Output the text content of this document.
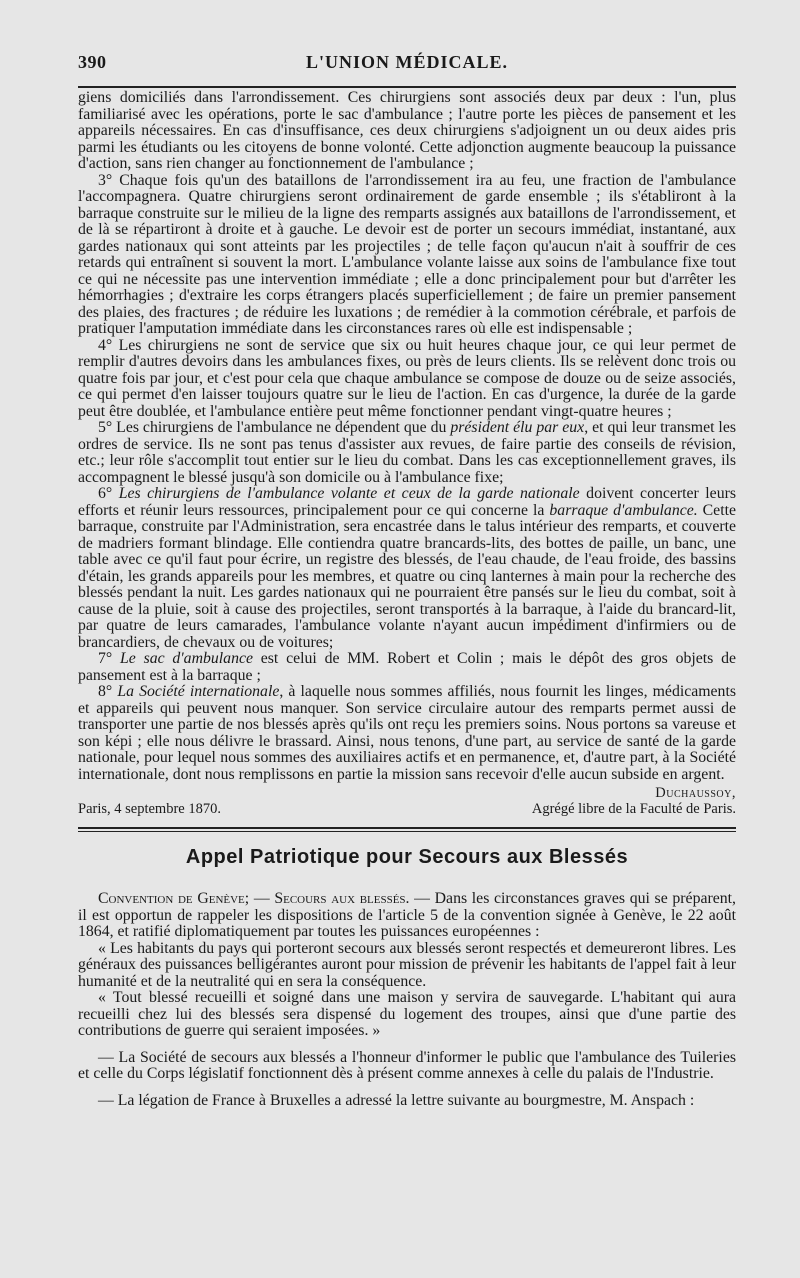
390	L'UNION MÉDICALE.

giens domiciliés dans l'arrondissement. Ces chirurgiens sont associés deux par deux : l'un, plus familiarisé avec les opérations, porte le sac d'ambulance ; l'autre porte les pièces de pansement et les appareils nécessaires. En cas d'insuffisance, ces deux chirurgiens s'adjoignent un ou deux aides pris parmi les étudiants ou les citoyens de bonne volonté. Cette adjonction augmente beaucoup la puissance d'action, sans rien changer au fonctionnement de l'ambulance ;

3° Chaque fois qu'un des bataillons de l'arrondissement ira au feu, une fraction de l'ambulance l'accompagnera. Quatre chirurgiens seront ordinairement de garde ensemble ; ils s'établiront à la barraque construite sur le milieu de la ligne des remparts assignés aux bataillons de l'arrondissement, et de là se répartiront à droite et à gauche. Le devoir est de porter un secours immédiat, instantané, aux gardes nationaux qui sont atteints par les projectiles ; de telle façon qu'aucun n'ait à souffrir de ces retards qui entraînent si souvent la mort. L'ambulance volante laisse aux soins de l'ambulance fixe tout ce qui ne nécessite pas une intervention immédiate ; elle a donc principalement pour but d'arrêter les hémorrhagies ; d'extraire les corps étrangers placés superficiellement ; de faire un premier pansement des plaies, des fractures ; de réduire les luxations ; de remédier à la commotion cérébrale, et parfois de pratiquer l'amputation immédiate dans les circonstances rares où elle est indispensable ;

4° Les chirurgiens ne sont de service que six ou huit heures chaque jour, ce qui leur permet de remplir d'autres devoirs dans les ambulances fixes, ou près de leurs clients. Ils se relèvent donc trois ou quatre fois par jour, et c'est pour cela que chaque ambulance se compose de douze ou de seize associés, ce qui permet d'en laisser toujours quatre sur le lieu de l'action. En cas d'urgence, la durée de la garde peut être doublée, et l'ambulance entière peut même fonctionner pendant vingt-quatre heures ;

5° Les chirurgiens de l'ambulance ne dépendent que du président élu par eux, et qui leur transmet les ordres de service. Ils ne sont pas tenus d'assister aux revues, de faire partie des conseils de révision, etc.; leur rôle s'accomplit tout entier sur le lieu du combat. Dans les cas exceptionnellement graves, ils accompagnent le blessé jusqu'à son domicile ou à l'ambulance fixe;

6° Les chirurgiens de l'ambulance volante et ceux de la garde nationale doivent concerter leurs efforts et réunir leurs ressources, principalement pour ce qui concerne la barraque d'ambulance. Cette barraque, construite par l'Administration, sera encastrée dans le talus intérieur des remparts, et couverte de madriers formant blindage. Elle contiendra quatre brancards-lits, des bottes de paille, un banc, une table avec ce qu'il faut pour écrire, un registre des blessés, de l'eau chaude, de l'eau froide, des bassins d'étain, les grands appareils pour les membres, et quatre ou cinq lanternes à main pour la recherche des blessés pendant la nuit. Les gardes nationaux qui ne pourraient être pansés sur le lieu du combat, soit à cause de la pluie, soit à cause des projectiles, seront transportés à la barraque, à l'aide du brancard-lit, par quatre de leurs camarades, l'ambulance volante n'ayant aucun impédiment d'infirmiers ou de brancardiers, de chevaux ou de voitures;

7° Le sac d'ambulance est celui de MM. Robert et Colin ; mais le dépôt des gros objets de pansement est à la barraque ;

8° La Société internationale, à laquelle nous sommes affiliés, nous fournit les linges, médicaments et appareils qui peuvent nous manquer. Son service circulaire autour des remparts permet aussi de transporter une partie de nos blessés après qu'ils ont reçu les premiers soins. Nous portons sa vareuse et son képi ; elle nous délivre le brassard. Ainsi, nous tenons, d'une part, au service de santé de la garde nationale, pour lequel nous sommes des auxiliaires actifs et en permanence, et, d'autre part, à la Société internationale, dont nous remplissons en partie la mission sans recevoir d'elle aucun subside en argent.

Duchaussoy,
Paris, 4 septembre 1870.	Agrégé libre de la Faculté de Paris.
Appel Patriotique pour Secours aux Blessés

Convention de Genève; — Secours aux blessés. — Dans les circonstances graves qui se préparent, il est opportun de rappeler les dispositions de l'article 5 de la convention signée à Genève, le 22 août 1864, et ratifié diplomatiquement par toutes les puissances européennes :

« Les habitants du pays qui porteront secours aux blessés seront respectés et demeureront libres. Les généraux des puissances belligérantes auront pour mission de prévenir les habitants de l'appel fait à leur humanité et de la neutralité qui en sera la conséquence.

« Tout blessé recueilli et soigné dans une maison y servira de sauvegarde. L'habitant qui aura recueilli chez lui des blessés sera dispensé du logement des troupes, ainsi que d'une partie des contributions de guerre qui seraient imposées. »

— La Société de secours aux blessés a l'honneur d'informer le public que l'ambulance des Tuileries et celle du Corps législatif fonctionnent dès à présent comme annexes à celle du palais de l'Industrie.

— La légation de France à Bruxelles a adressé la lettre suivante au bourgmestre, M. Anspach :
